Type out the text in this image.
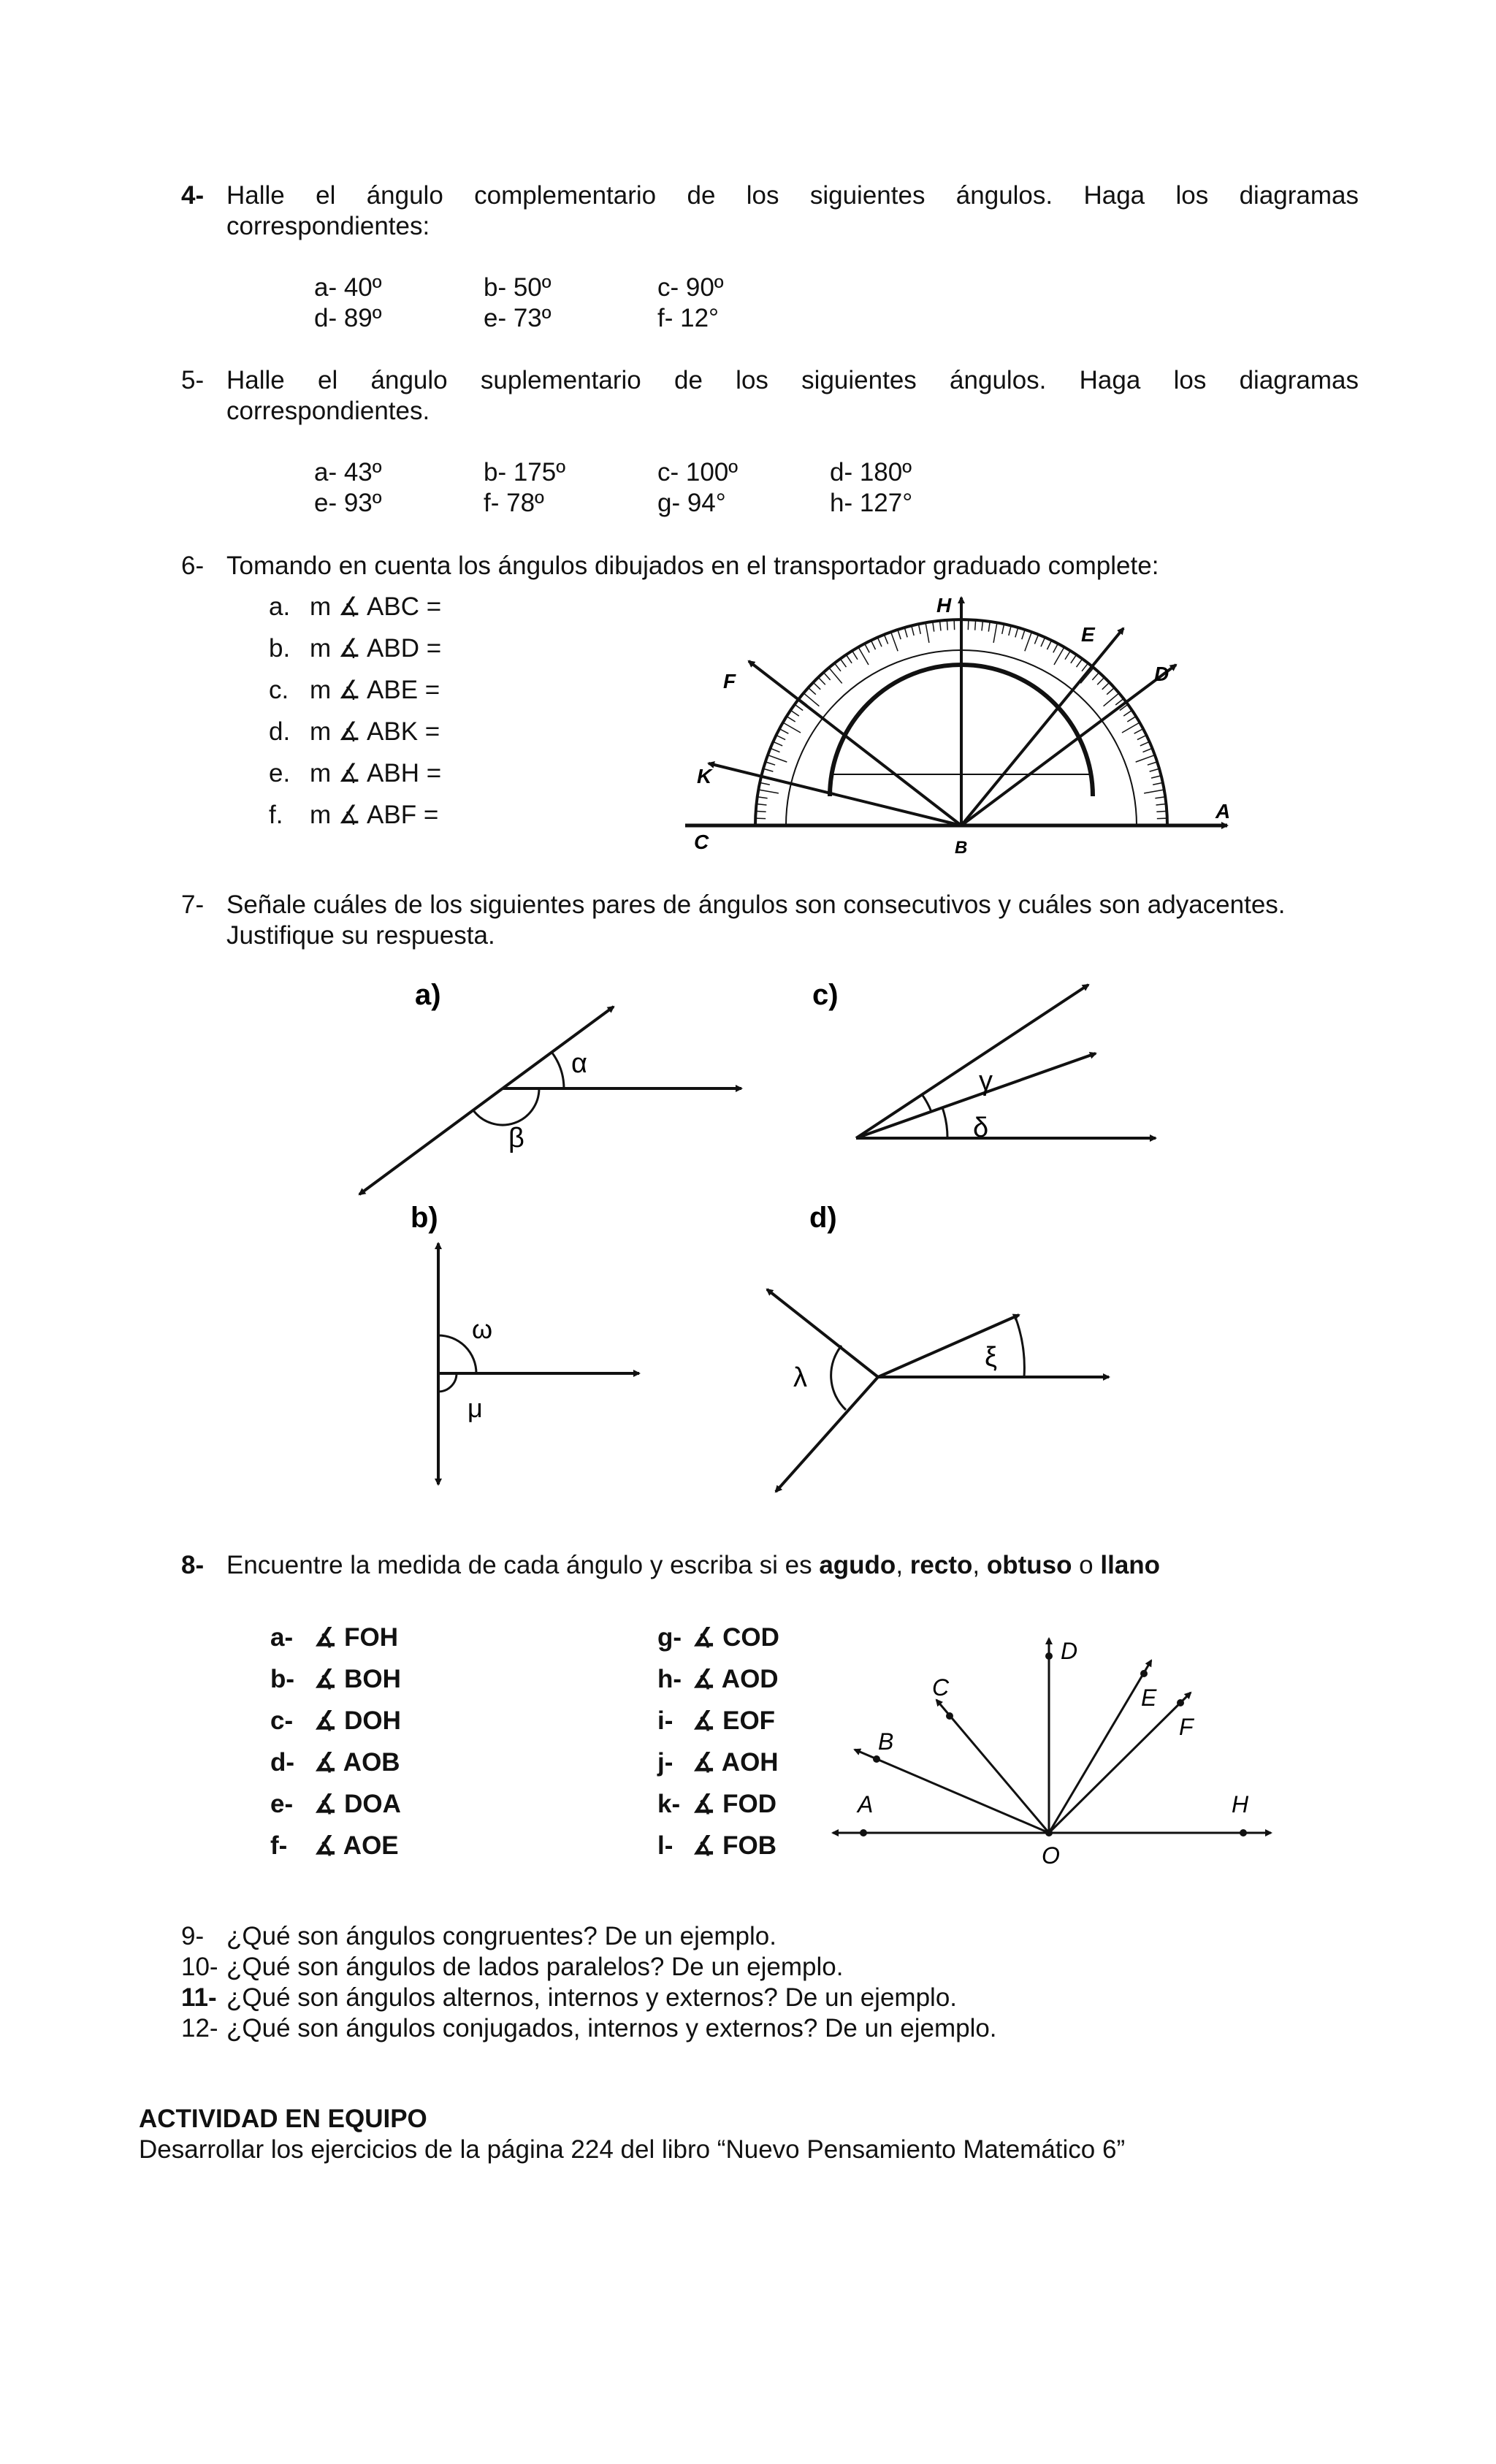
4- Halle el ángulo complementario de los siguientes ángulos. Haga los diagramas
correspondientes:
a- 40º	b- 50º	c- 90º
d- 89º	e- 73º	f- 12°
5- Halle el ángulo suplementario de los siguientes ángulos. Haga los diagramas
correspondientes.
a- 43º	b- 175º	c- 100º	d- 180º
e- 93º	f- 78º	g- 94°	h- 127°
6- Tomando en cuenta los ángulos dibujados en el transportador graduado complete:
a. m ∡ ABC =
b. m ∡ ABD =
c. m ∡ ABE =
d. m ∡ ABK =
e. m ∡ ABH =
f. m ∡ ABF =
H
E
D
F
K
A
C	B
7- Señale cuáles de los siguientes pares de ángulos son consecutivos y cuáles son adyacentes.
Justifique su respuesta.
a)
α
β
c)
γ
δ
b)
ω
μ
d)
λ
ξ
8- Encuentre la medida de cada ángulo y escriba si es agudo, recto, obtuso o llano
a- ∡ FOH
b- ∡ BOH
c- ∡ DOH
d- ∡ AOB
e- ∡ DOA
f- ∡ AOE
g- ∡ COD
h- ∡ AOD
i- ∡ EOF
j- ∡ AOH
k- ∡ FOD
l- ∡ FOB
A
B
C
D
E
F
H
O
9- ¿Qué son ángulos congruentes? De un ejemplo.
10- ¿Qué son ángulos de lados paralelos? De un ejemplo.
11- ¿Qué son ángulos alternos, internos y externos? De un ejemplo.
12- ¿Qué son ángulos conjugados, internos y externos? De un ejemplo.
ACTIVIDAD EN EQUIPO
Desarrollar los ejercicios de la página 224 del libro “Nuevo Pensamiento Matemático 6”
